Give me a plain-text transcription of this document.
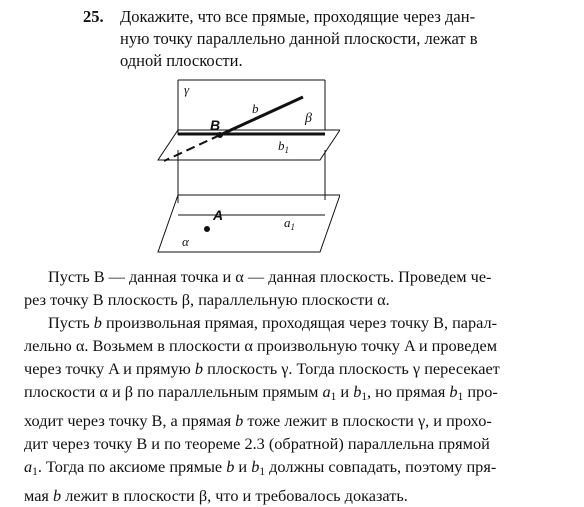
25. Докажите, что все прямые, проходящие через дан-
ную точку параллельно данной плоскости, лежат в
одной плоскости.
γ
b
β
B
$b_1$
A	$a_1$
α
Пусть B — данная точка и α — данная плоскость. Проведем че-
рез точку B плоскость β, параллельную плоскости α.
Пусть b произвольная прямая, проходящая через точку B, парал-
лельно α. Возьмем в плоскости α произвольную точку A и проведем
через точку A и прямую b плоскость γ. Тогда плоскость γ пересекает
плоскости α и β по параллельным прямым $a_1$ и $b_1$, но прямая $b_1$ про-
ходит через точку B, а прямая b тоже лежит в плоскости γ, и прохо-
дит через точку B и по теореме 2.3 (обратной) параллельна прямой
$a_1$. Тогда по аксиоме прямые b и $b_1$ должны совпадать, поэтому пря-
мая b лежит в плоскости β, что и требовалось доказать.
